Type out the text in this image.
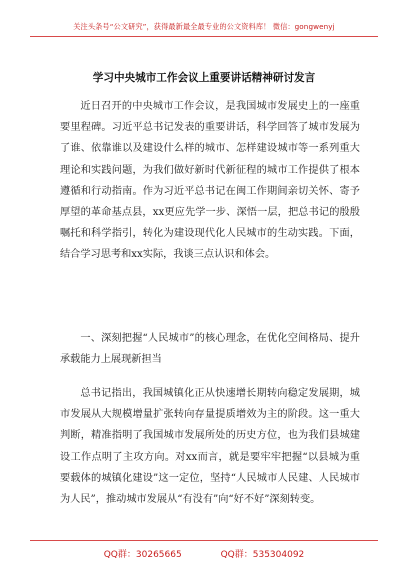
关注头条号“公文研究”，获得最新最全最专业的公文资料库！ 微信：gongwenyj
学习中央城市工作会议上重要讲话精神研讨发言

近日召开的中央城市工作会议，是我国城市发展史上的一座重要里程碑。习近平总书记发表的重要讲话，科学回答了城市发展为了谁、依靠谁以及建设什么样的城市、怎样建设城市等一系列重大理论和实践问题，为我们做好新时代新征程的城市工作提供了根本遵循和行动指南。作为习近平总书记在闽工作期间亲切关怀、寄予厚望的革命基点县，xx更应先学一步、深悟一层，把总书记的殷殷嘱托和科学指引，转化为建设现代化人民城市的生动实践。下面，结合学习思考和xx实际，我谈三点认识和体会。

一、深刻把握“人民城市”的核心理念，在优化空间格局、提升承载能力上展现新担当

总书记指出，我国城镇化正从快速增长期转向稳定发展期，城市发展从大规模增量扩张转向存量提质增效为主的阶段。这一重大判断，精准指明了我国城市发展所处的历史方位，也为我们县城建设工作点明了主攻方向。对xx而言，就是要牢牢把握“以县城为重要载体的城镇化建设”这一定位，坚持“人民城市人民建、人民城市为人民”，推动城市发展从“有没有”向“好不好”深刻转变。

QQ群：30265665	QQ群：535304092
